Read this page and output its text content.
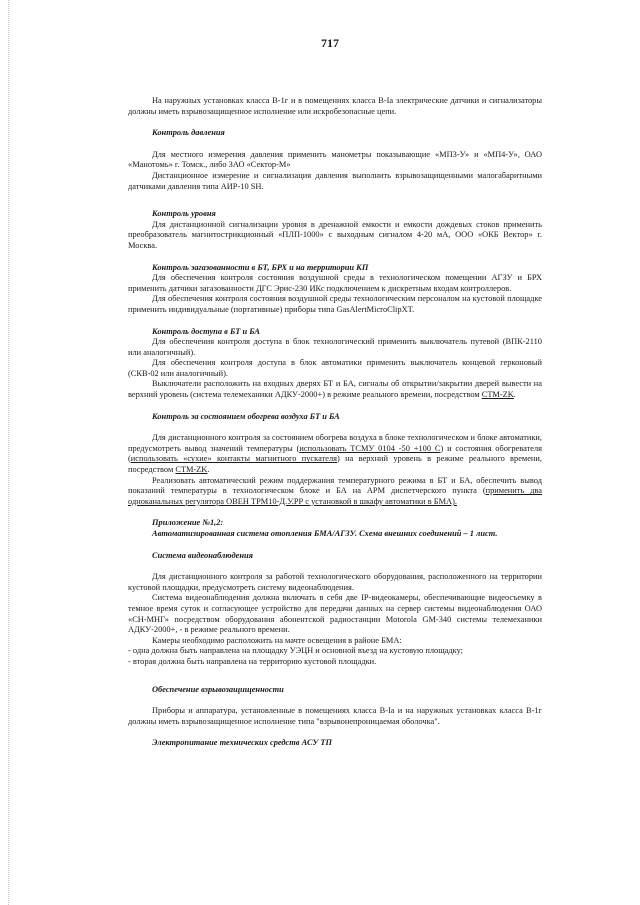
717

На наружных установках класса В-1г и в помещениях класса В-Iа электрические датчики и сигнализаторы должны иметь взрывозащищенное исполнение или искробезопасные цепи.

Контроль давления

Для местного измерения давления применить манометры показывающие «МП3-У» и «МП4-У», ОАО «Манотомь» г. Томск., либо ЗАО «Сектор-М»

Дистанционное измерение и сигнализация давления выполнить взрывозащищенными малогабаритными датчиками давления типа АИР-10 SH.

Контроль уровня

Для дистанционной сигнализации уровня в дренажной емкости и емкости дождевых стоков применить преобразователь магнитострикционный «ПЛП-1000» с выходным сигналом 4-20 мА, ООО «ОКБ Вектор» г. Москва.

Контроль загазованности в БТ, БРХ и на территории КП

Для обеспечения контроля состояния воздушной среды в технологическом помещении АГЗУ и БРХ применить датчики загазованности ДГС Эрис-230 ИКс подключением к дискретным входам контроллеров.

Для обеспечения контроля состояния воздушной среды технологическим персоналом на кустовой площадке применить индивидуальные (портативные) приборы типа GasAlertMicroClipXT.

Контроль доступа в БТ и БА

Для обеспечения контроля доступа в блок технологический применить выключатель путевой (ВПК-2110 или аналогичный).

Для обеспечения контроля доступа в блок автоматики применить выключатель концевой герконовый (СКВ-02 или аналогичный).

Выключатели расположить на входных дверях БТ и БА, сигналы об открытии/закрытии дверей вывести на верхний уровень (система телемеханики АДКУ-2000+) в режиме реального времени, посредством СТМ-ZK.

Контроль за состоянием обогрева воздуха БТ и БА

Для дистанционного контроля за состоянием обогрева воздуха в блоке технологическом и блоке автоматики, предусмотреть вывод значений температуры (использовать ТСМУ 0104 -50 +100 С) и состояния обогревателя (использовать «сухие» контакты магнитного пускателя) на верхний уровень в режиме реального времени, посредством СТМ-ZK.

Реализовать автоматический режим поддержания температурного режима в БТ и БА, обеспечить вывод показаний температуры в технологическом блоке и БА на АРМ диспетчерского пункта (применить два одноканальных регулятора ОВЕН ТРМ10-Д.У.РР с установкой в шкафу автоматики в БМА).

Приложение №1,2:
Автоматизированная система отопления БМА/АГЗУ. Схема внешних соединений – 1 лист.
Система видеонаблюдения

Для дистанционного контроля за работой технологического оборудования, расположенного на территории кустовой площадки, предусмотреть систему видеонаблюдения.

Система видеонаблюдения должна включать в себя две IP-видеокамеры, обеспечивающие видеосъемку в темное время суток и согласующее устройство для передачи данных на сервер системы видеонаблюдения ОАО «СН-МНГ» посредством оборудования абонентской радиостанции Motorola GM-340 системы телемеханики АДКУ-2000+, - в режиме реального времени.

Камеры необходимо расположить на мачте освещения в районе БМА:

- одна должна быть направлена на площадку УЭЦН и основной въезд на кустовую площадку;

- вторая должна быть направлена на территорию кустовой площадки.

Обеспечение взрывозащищенности

Приборы и аппаратура, установленные в помещениях класса В-Iа и на наружных установках класса В-1г должны иметь взрывозащищенное исполнение типа "взрывонепроницаемая оболочка".

Электропитание технических средств АСУ ТП
